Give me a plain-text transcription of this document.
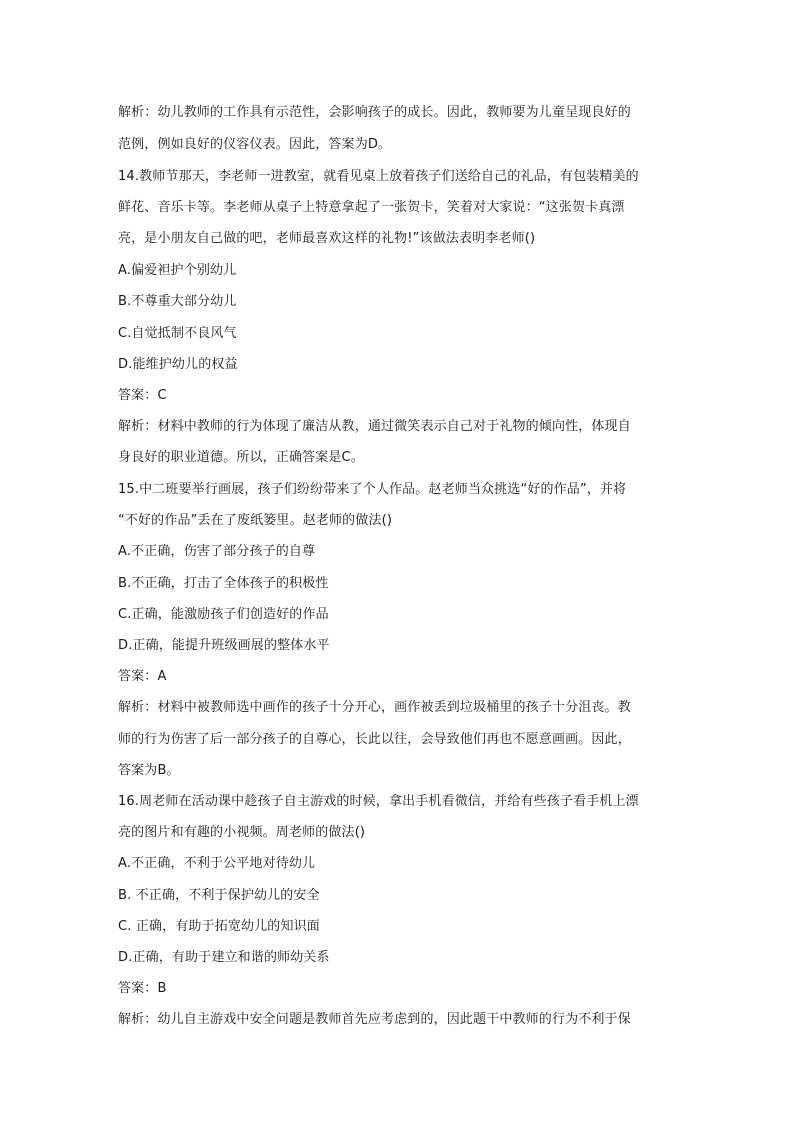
解析：幼儿教师的工作具有示范性，会影响孩子的成长。因此，教师要为儿童呈现良好的
范例，例如良好的仪容仪表。因此，答案为D。
14.教师节那天，李老师一进教室，就看见桌上放着孩子们送给自己的礼品，有包装精美的
鲜花、音乐卡等。李老师从桌子上特意拿起了一张贺卡，笑着对大家说：“这张贺卡真漂
亮，是小朋友自己做的吧，老师最喜欢这样的礼物!”该做法表明李老师()
A.偏爱袒护个别幼儿
B.不尊重大部分幼儿
C.自觉抵制不良风气
D.能维护幼儿的权益
答案：C
解析：材料中教师的行为体现了廉洁从教，通过微笑表示自己对于礼物的倾向性，体现自
身良好的职业道德。所以，正确答案是C。
15.中二班要举行画展，孩子们纷纷带来了个人作品。赵老师当众挑选“好的作品”，并将
“不好的作品”丢在了废纸篓里。赵老师的做法()
A.不正确，伤害了部分孩子的自尊
B.不正确，打击了全体孩子的积极性
C.正确，能激励孩子们创造好的作品
D.正确，能提升班级画展的整体水平
答案：A
解析：材料中被教师选中画作的孩子十分开心，画作被丢到垃圾桶里的孩子十分沮丧。教
师的行为伤害了后一部分孩子的自尊心，长此以往，会导致他们再也不愿意画画。因此，
答案为B。
16.周老师在活动课中趁孩子自主游戏的时候，拿出手机看微信，并给有些孩子看手机上漂
亮的图片和有趣的小视频。周老师的做法()
A.不正确，不利于公平地对待幼儿
B. 不正确，不利于保护幼儿的安全
C. 正确，有助于拓宽幼儿的知识面
D.正确，有助于建立和谐的师幼关系
答案：B
解析：幼儿自主游戏中安全问题是教师首先应考虑到的，因此题干中教师的行为不利于保
